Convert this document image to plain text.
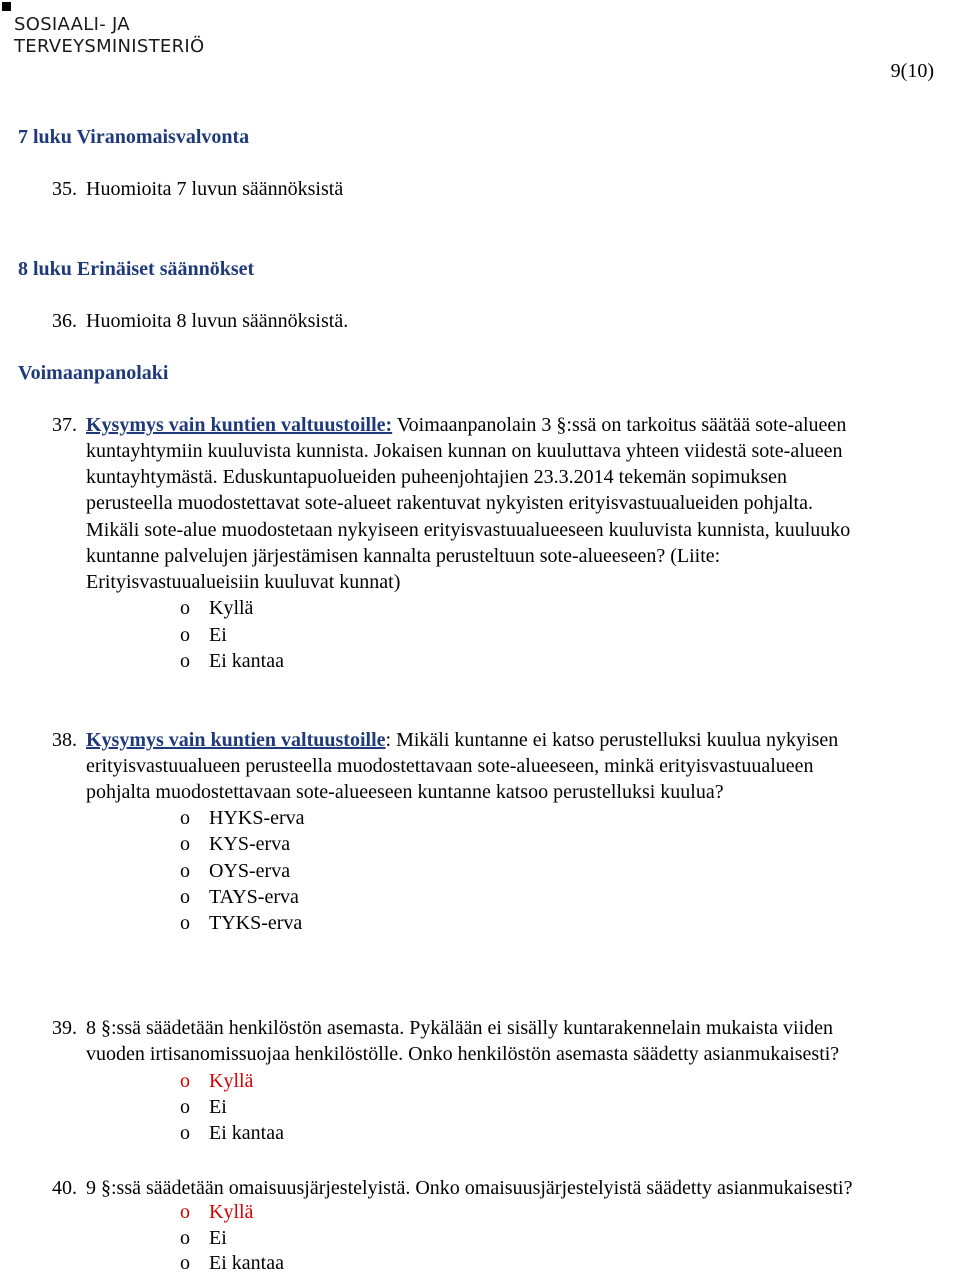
SOSIAALI- JA
TERVEYSMINISTERIÖ
9(10)
7 luku Viranomaisvalvonta
35. Huomioita 7 luvun säännöksistä
8 luku Erinäiset säännökset
36. Huomioita 8 luvun säännöksistä.
Voimaanpanolaki
37. Kysymys vain kuntien valtuustoille: Voimaanpanolain 3 §:ssä on tarkoitus säätää sote-alueen
kuntayhtymiin kuuluvista kunnista. Jokaisen kunnan on kuuluttava yhteen viidestä sote-alueen
kuntayhtymästä. Eduskuntapuolueiden puheenjohtajien 23.3.2014 tekemän sopimuksen
perusteella muodostettavat sote-alueet rakentuvat nykyisten erityisvastuualueiden pohjalta.
Mikäli sote-alue muodostetaan nykyiseen erityisvastuualueeseen kuuluvista kunnista, kuuluuko
kuntanne palvelujen järjestämisen kannalta perusteltuun sote-alueeseen? (Liite:
Erityisvastuualueisiin kuuluvat kunnat)
o Kyllä
o Ei
o Ei kantaa
38. Kysymys vain kuntien valtuustoille: Mikäli kuntanne ei katso perustelluksi kuulua nykyisen
erityisvastuualueen perusteella muodostettavaan sote-alueeseen, minkä erityisvastuualueen
pohjalta muodostettavaan sote-alueeseen kuntanne katsoo perustelluksi kuulua?
o HYKS-erva
o KYS-erva
o OYS-erva
o TAYS-erva
o TYKS-erva
39. 8 §:ssä säädetään henkilöstön asemasta. Pykälään ei sisälly kuntarakennelain mukaista viiden
vuoden irtisanomissuojaa henkilöstölle. Onko henkilöstön asemasta säädetty asianmukaisesti?
o Kyllä
o Ei
o Ei kantaa
40. 9 §:ssä säädetään omaisuusjärjestelyistä. Onko omaisuusjärjestelyistä säädetty asianmukaisesti?
o Kyllä
o Ei
o Ei kantaa
